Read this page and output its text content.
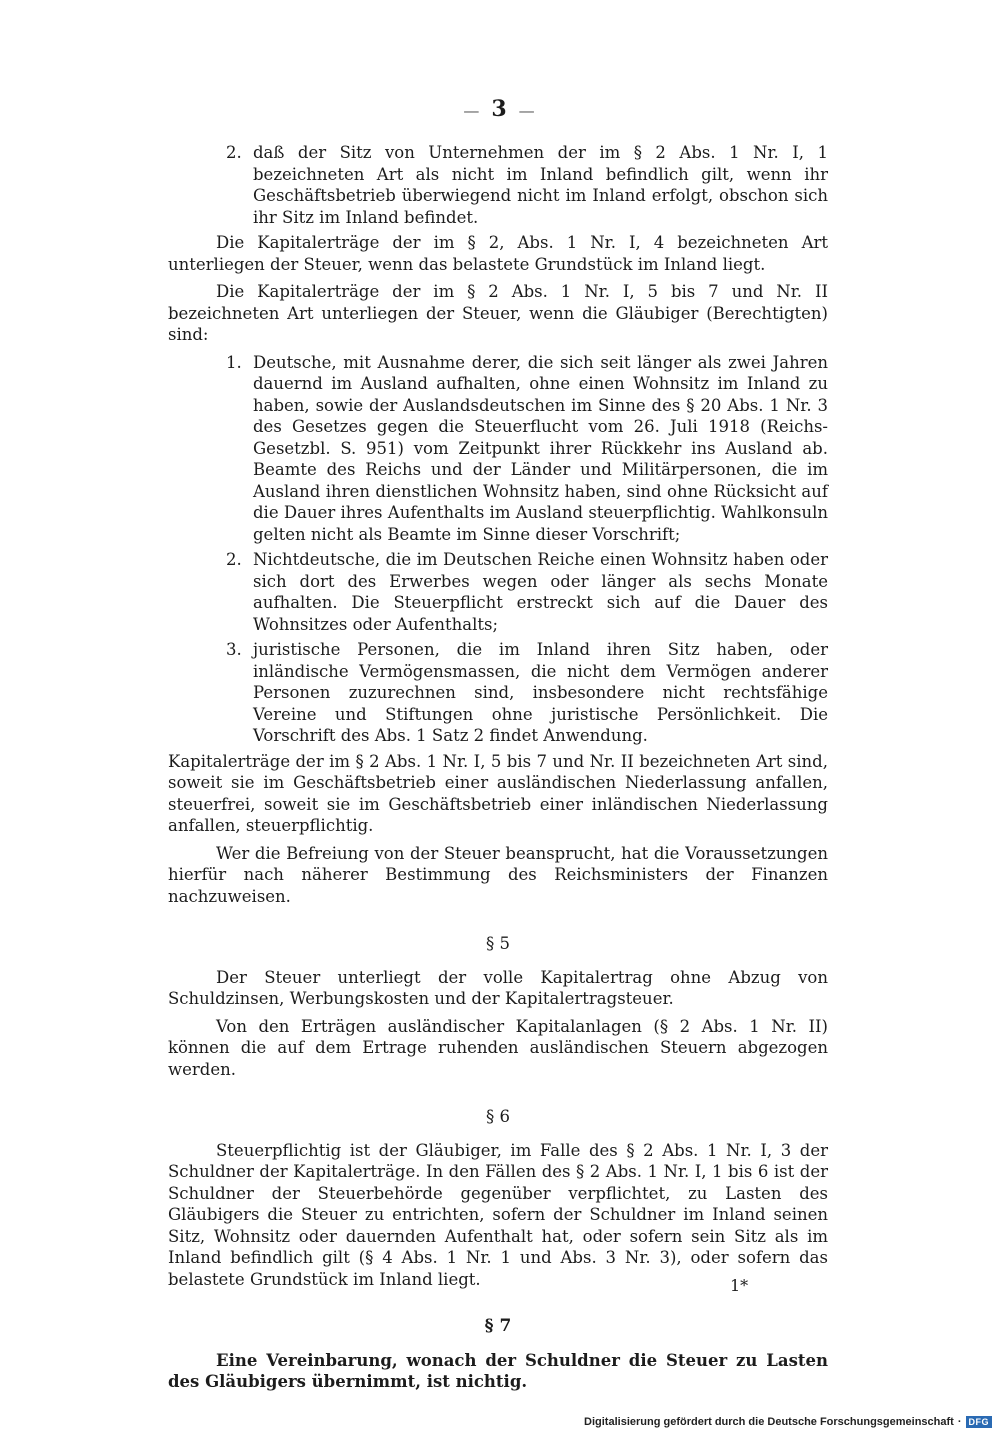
— 3 —
2. daß der Sitz von Unternehmen der im § 2 Abs. 1 Nr. I, 1 bezeichneten Art als nicht im Inland befindlich gilt, wenn ihr Geschäftsbetrieb überwiegend nicht im Inland erfolgt, obschon sich ihr Sitz im Inland befindet.

Die Kapitalerträge der im § 2, Abs. 1 Nr. I, 4 bezeichneten Art unterliegen der Steuer, wenn das belastete Grundstück im Inland liegt.

Die Kapitalerträge der im § 2 Abs. 1 Nr. I, 5 bis 7 und Nr. II bezeichneten Art unterliegen der Steuer, wenn die Gläubiger (Berechtigten) sind:

1. Deutsche, mit Ausnahme derer, die sich seit länger als zwei Jahren dauernd im Ausland aufhalten, ohne einen Wohnsitz im Inland zu haben, sowie der Auslandsdeutschen im Sinne des § 20 Abs. 1 Nr. 3 des Gesetzes gegen die Steuerflucht vom 26. Juli 1918 (Reichs-Gesetzbl. S. 951) vom Zeitpunkt ihrer Rückkehr ins Ausland ab. Beamte des Reichs und der Länder und Militärpersonen, die im Ausland ihren dienstlichen Wohnsitz haben, sind ohne Rücksicht auf die Dauer ihres Aufenthalts im Ausland steuerpflichtig. Wahlkonsuln gelten nicht als Beamte im Sinne dieser Vorschrift;
2. Nichtdeutsche, die im Deutschen Reiche einen Wohnsitz haben oder sich dort des Erwerbes wegen oder länger als sechs Monate aufhalten. Die Steuerpflicht erstreckt sich auf die Dauer des Wohnsitzes oder Aufenthalts;
3. juristische Personen, die im Inland ihren Sitz haben, oder inländische Vermögensmassen, die nicht dem Vermögen anderer Personen zuzurechnen sind, insbesondere nicht rechtsfähige Vereine und Stiftungen ohne juristische Persönlichkeit. Die Vorschrift des Abs. 1 Satz 2 findet Anwendung.

Kapitalerträge der im § 2 Abs. 1 Nr. I, 5 bis 7 und Nr. II bezeichneten Art sind, soweit sie im Geschäftsbetrieb einer ausländischen Niederlassung anfallen, steuerfrei, soweit sie im Geschäftsbetrieb einer inländischen Niederlassung anfallen, steuerpflichtig.

Wer die Befreiung von der Steuer beansprucht, hat die Voraussetzungen hierfür nach näherer Bestimmung des Reichsministers der Finanzen nachzuweisen.

§ 5

Der Steuer unterliegt der volle Kapitalertrag ohne Abzug von Schuldzinsen, Werbungskosten und der Kapitalertragsteuer.

Von den Erträgen ausländischer Kapitalanlagen (§ 2 Abs. 1 Nr. II) können die auf dem Ertrage ruhenden ausländischen Steuern abgezogen werden.

§ 6

Steuerpflichtig ist der Gläubiger, im Falle des § 2 Abs. 1 Nr. I, 3 der Schuldner der Kapitalerträge. In den Fällen des § 2 Abs. 1 Nr. I, 1 bis 6 ist der Schuldner der Steuerbehörde gegenüber verpflichtet, zu Lasten des Gläubigers die Steuer zu entrichten, sofern der Schuldner im Inland seinen Sitz, Wohnsitz oder dauernden Aufenthalt hat, oder sofern sein Sitz als im Inland befindlich gilt (§ 4 Abs. 1 Nr. 1 und Abs. 3 Nr. 3), oder sofern das belastete Grundstück im Inland liegt.

§ 7

Eine Vereinbarung, wonach der Schuldner die Steuer zu Lasten des Gläubigers übernimmt, ist nichtig.

1*
Digitalisierung gefördert durch die Deutsche Forschungsgemeinschaft · DFG
